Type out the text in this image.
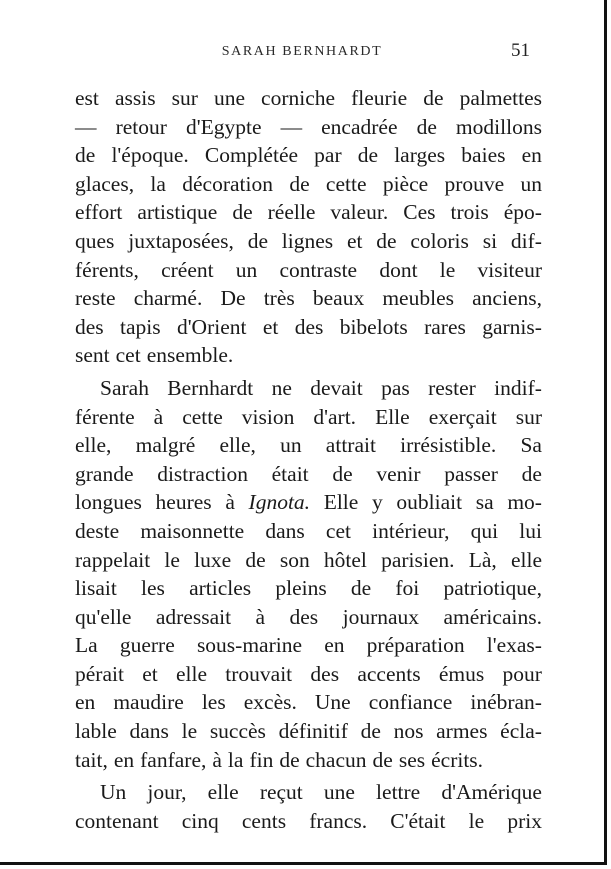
SARAH BERNHARDT	51
est assis sur une corniche fleurie de palmettes
— retour d'Egypte — encadrée de modillons
de l'époque. Complétée par de larges baies en
glaces, la décoration de cette pièce prouve un
effort artistique de réelle valeur. Ces trois épo-
ques juxtaposées, de lignes et de coloris si dif-
férents, créent un contraste dont le visiteur
reste charmé. De très beaux meubles anciens,
des tapis d'Orient et des bibelots rares garnis-
sent cet ensemble.
Sarah Bernhardt ne devait pas rester indif-
férente à cette vision d'art. Elle exerçait sur
elle, malgré elle, un attrait irrésistible. Sa
grande distraction était de venir passer de
longues heures à Ignota. Elle y oubliait sa mo-
deste maisonnette dans cet intérieur, qui lui
rappelait le luxe de son hôtel parisien. Là, elle
lisait les articles pleins de foi patriotique,
qu'elle adressait à des journaux américains.
La guerre sous-marine en préparation l'exas-
pérait et elle trouvait des accents émus pour
en maudire les excès. Une confiance inébran-
lable dans le succès définitif de nos armes écla-
tait, en fanfare, à la fin de chacun de ses écrits.
Un jour, elle reçut une lettre d'Amérique
contenant cinq cents francs. C'était le prix
